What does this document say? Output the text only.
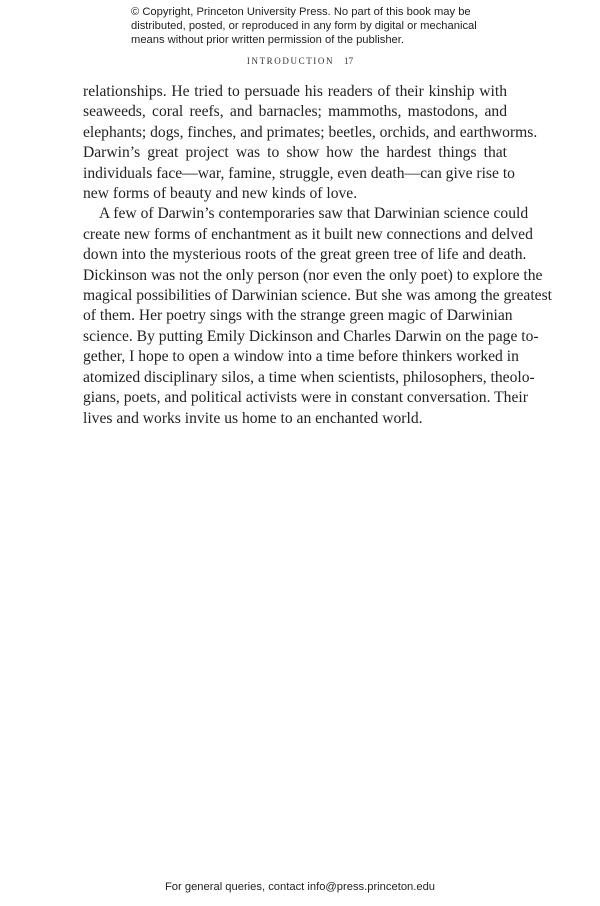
© Copyright, Princeton University Press. No part of this book may be
distributed, posted, or reproduced in any form by digital or mechanical
means without prior written permission of the publisher.
INTRODUCTION 17
relationships. He tried to persuade his readers of their kinship with
seaweeds, coral reefs, and barnacles; mammoths, mastodons, and
elephants; dogs, finches, and primates; beetles, orchids, and earthworms.
Darwin’s great project was to show how the hardest things that
individuals face—war, famine, struggle, even death—can give rise to
new forms of beauty and new kinds of love.
A few of Darwin’s contemporaries saw that Darwinian science could
create new forms of enchantment as it built new connections and delved
down into the mysterious roots of the great green tree of life and death.
Dickinson was not the only person (nor even the only poet) to explore the
magical possibilities of Darwinian science. But she was among the greatest
of them. Her poetry sings with the strange green magic of Darwinian
science. By putting Emily Dickinson and Charles Darwin on the page to-
gether, I hope to open a window into a time before thinkers worked in
atomized disciplinary silos, a time when scientists, philosophers, theolo-
gians, poets, and political activists were in constant conversation. Their
lives and works invite us home to an enchanted world.
For general queries, contact info@press.princeton.edu
